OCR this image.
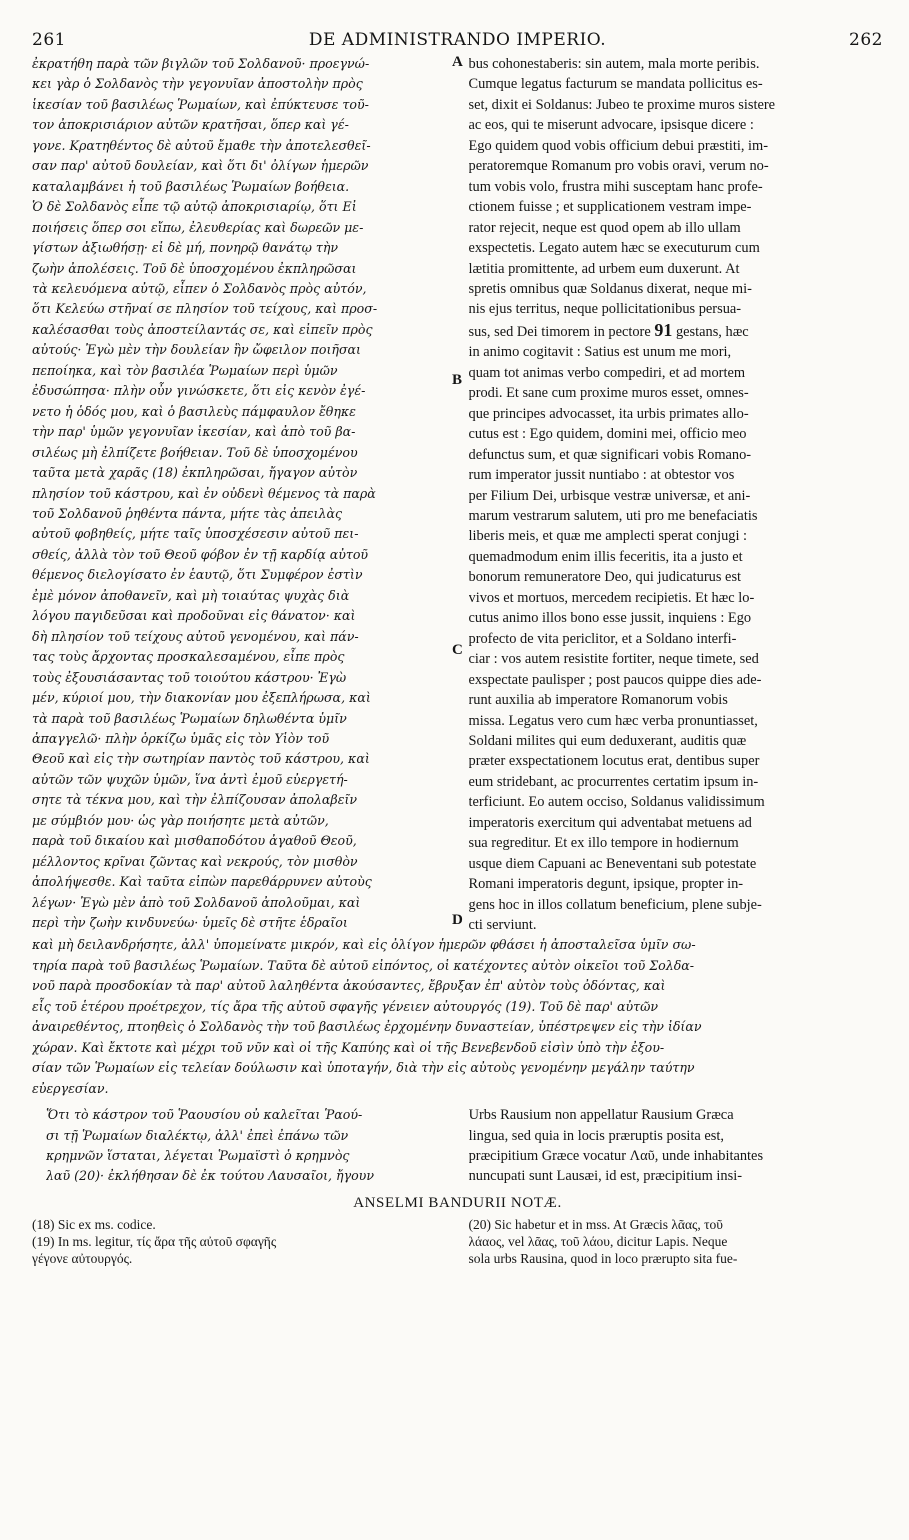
261	DE ADMINISTRANDO IMPERIO.	262
ἐκρατήθη παρὰ τῶν βιγλῶν τοῦ Σολδανοῦ· προεγνώ-
κει γὰρ ὁ Σολδανὸς τὴν γεγονυῖαν ἀποστολὴν πρὸς
ἱκεσίαν τοῦ βασιλέως Ῥωμαίων, καὶ ἐπύκτευσε τοῦ-
τον ἀποκρισιάριον αὐτῶν κρατῆσαι, ὅπερ καὶ γέ-
γονε. Κρατηθέντος δὲ αὐτοῦ ἔμαθε τὴν ἀποτελεσθεῖ-
σαν παρ' αὐτοῦ δουλείαν, καὶ ὅτι δι' ὀλίγων ἡμερῶν
καταλαμβάνει ἡ τοῦ βασιλέως Ῥωμαίων βοήθεια.
Ὁ δὲ Σολδανὸς εἶπε τῷ αὐτῷ ἀποκρισιαρίῳ, ὅτι Εἰ
ποιήσεις ὅπερ σοι εἴπω, ἐλευθερίας καὶ δωρεῶν με-
γίστων ἀξιωθήσῃ· εἰ δὲ μή, πονηρῷ θανάτῳ τὴν
ζωὴν ἀπολέσεις. Τοῦ δὲ ὑποσχομένου ἐκπληρῶσαι
τὰ κελευόμενα αὐτῷ, εἶπεν ὁ Σολδανὸς πρὸς αὐτόν,
ὅτι Κελεύω στῆναί σε πλησίον τοῦ τείχους, καὶ προσ-
καλέσασθαι τοὺς ἀποστείλαντάς σε, καὶ εἰπεῖν πρὸς
αὐτούς· Ἐγὼ μὲν τὴν δουλείαν ἣν ὤφειλον ποιῆσαι
πεποίηκα, καὶ τὸν βασιλέα Ῥωμαίων περὶ ὑμῶν
ἐδυσώπησα· πλὴν οὖν γινώσκετε, ὅτι εἰς κενὸν ἐγέ-
νετο ἡ ὁδός μου, καὶ ὁ βασιλεὺς πάμφαυλον ἔθηκε
τὴν παρ' ὑμῶν γεγονυῖαν ἱκεσίαν, καὶ ἀπὸ τοῦ βα-
σιλέως μὴ ἐλπίζετε βοήθειαν. Τοῦ δὲ ὑποσχομένου
ταῦτα μετὰ χαρᾶς (18) ἐκπληρῶσαι, ἤγαγον αὐτὸν
πλησίον τοῦ κάστρου, καὶ ἐν οὐδενὶ θέμενος τὰ παρὰ
τοῦ Σολδανοῦ ῥηθέντα πάντα, μήτε τὰς ἀπειλὰς
αὐτοῦ φοβηθείς, μήτε ταῖς ὑποσχέσεσιν αὐτοῦ πει-
σθείς, ἀλλὰ τὸν τοῦ Θεοῦ φόβον ἐν τῇ καρδίᾳ αὐτοῦ
θέμενος διελογίσατο ἐν ἑαυτῷ, ὅτι Συμφέρον ἐστὶν
ἐμὲ μόνον ἀποθανεῖν, καὶ μὴ τοιαύτας ψυχὰς διὰ
λόγου παγιδεῦσαι καὶ προδοῦναι εἰς θάνατον· καὶ
δὴ πλησίον τοῦ τείχους αὐτοῦ γενομένου, καὶ πάν-
τας τοὺς ἄρχοντας προσκαλεσαμένου, εἶπε πρὸς
τοὺς ἐξουσιάσαντας τοῦ τοιούτου κάστρου· Ἐγὼ
μέν, κύριοί μου, τὴν διακονίαν μου ἐξεπλήρωσα, καὶ
τὰ παρὰ τοῦ βασιλέως Ῥωμαίων δηλωθέντα ὑμῖν
ἀπαγγελῶ· πλὴν ὁρκίζω ὑμᾶς εἰς τὸν Υἱὸν τοῦ
Θεοῦ καὶ εἰς τὴν σωτηρίαν παντὸς τοῦ κάστρου, καὶ
αὐτῶν τῶν ψυχῶν ὑμῶν, ἵνα ἀντὶ ἐμοῦ εὐεργετή-
σητε τὰ τέκνα μου, καὶ τὴν ἐλπίζουσαν ἀπολαβεῖν
με σύμβιόν μου· ὡς γὰρ ποιήσητε μετὰ αὐτῶν,
παρὰ τοῦ δικαίου καὶ μισθαποδότου ἀγαθοῦ Θεοῦ,
μέλλοντος κρῖναι ζῶντας καὶ νεκρούς, τὸν μισθὸν
ἀπολήψεσθε. Καὶ ταῦτα εἰπὼν παρεθάρρυνεν αὐτοὺς
λέγων· Ἐγὼ μὲν ἀπὸ τοῦ Σολδανοῦ ἀπολοῦμαι, καὶ
περὶ τὴν ζωὴν κινδυνεύω· ὑμεῖς δὲ στῆτε ἑδραῖοι
bus cohonestaberis: sin autem, mala morte peribis.
Cumque legatus facturum se mandata pollicitus es-
set, dixit ei Soldanus: Jubeo te proxime muros sistere
ac eos, qui te miserunt advocare, ipsisque dicere :
Ego quidem quod vobis officium debui præstiti, im-
peratoremque Romanum pro vobis oravi, verum no-
tum vobis volo, frustra mihi susceptam hanc profe-
ctionem fuisse ; et supplicationem vestram impe-
rator rejecit, neque est quod opem ab illo ullam
exspectetis. Legato autem hæc se executurum cum
lætitia promittente, ad urbem eum duxerunt. At
spretis omnibus quæ Soldanus dixerat, neque mi-
nis ejus territus, neque pollicitationibus persua-
sus, sed Dei timorem in pectore 91 gestans, hæc
in animo cogitavit : Satius est unum me mori,
quam tot animas verbo compediri, et ad mortem
prodi. Et sane cum proxime muros esset, omnes-
que principes advocasset, ita urbis primates allo-
cutus est : Ego quidem, domini mei, officio meo
defunctus sum, et quæ significari vobis Romano-
rum imperator jussit nuntiabo : at obtestor vos
per Filium Dei, urbisque vestræ universæ, et ani-
marum vestrarum salutem, uti pro me benefaciatis
liberis meis, et quæ me amplecti sperat conjugi :
quemadmodum enim illis feceritis, ita a justo et
bonorum remuneratore Deo, qui judicaturus est
vivos et mortuos, mercedem recipietis. Et hæc lo-
cutus animo illos bono esse jussit, inquiens : Ego
profecto de vita periclitor, et a Soldano interfi-
ciar : vos autem resistite fortiter, neque timete, sed
exspectate paulisper ; post paucos quippe dies ade-
runt auxilia ab imperatore Romanorum vobis
missa. Legatus vero cum hæc verba pronuntiasset,
Soldani milites qui eum deduxerant, auditis quæ
præter exspectationem locutus erat, dentibus super
eum stridebant, ac procurrentes certatim ipsum in-
terficiunt. Eo autem occiso, Soldanus validissimum
imperatoris exercitum qui adventabat metuens ad
sua regreditur. Et ex illo tempore in hodiernum
usque diem Capuani ac Beneventani sub potestate
Romani imperatoris degunt, ipsique, propter in-
gens hoc in illos collatum beneficium, plene subje-
cti serviunt.
A
B
C
D
καὶ μὴ δειλανδρήσητε, ἀλλ' ὑπομείνατε μικρόν, καὶ εἰς ὀλίγον ἡμερῶν φθάσει ἡ ἀποσταλεῖσα ὑμῖν σω-
τηρία παρὰ τοῦ βασιλέως Ῥωμαίων. Ταῦτα δὲ αὐτοῦ εἰπόντος, οἱ κατέχοντες αὐτὸν οἰκεῖοι τοῦ Σολδα-
νοῦ παρὰ προσδοκίαν τὰ παρ' αὐτοῦ λαληθέντα ἀκούσαντες, ἔβρυξαν ἐπ' αὐτὸν τοὺς ὀδόντας, καὶ
εἷς τοῦ ἑτέρου προέτρεχον, τίς ἄρα τῆς αὐτοῦ σφαγῆς γένειεν αὐτουργός (19). Τοῦ δὲ παρ' αὐτῶν
ἀναιρεθέντος, πτοηθεὶς ὁ Σολδανὸς τὴν τοῦ βασιλέως ἐρχομένην δυναστείαν, ὑπέστρεψεν εἰς τὴν ἰδίαν
χώραν. Καὶ ἔκτοτε καὶ μέχρι τοῦ νῦν καὶ οἱ τῆς Καπύης καὶ οἱ τῆς Βενεβενδοῦ εἰσὶν ὑπὸ τὴν ἐξου-
σίαν τῶν Ῥωμαίων εἰς τελείαν δούλωσιν καὶ ὑποταγήν, διὰ τὴν εἰς αὐτοὺς γενομένην μεγάλην ταύτην
εὐεργεσίαν.
Ὅτι τὸ κάστρον τοῦ Ῥαουσίου οὐ καλεῖται Ῥαού-
σι τῇ Ῥωμαίων διαλέκτῳ, ἀλλ' ἐπεὶ ἐπάνω τῶν
κρημνῶν ἵσταται, λέγεται Ῥωμαϊστὶ ὁ κρημνὸς
λαῦ (20)· ἐκλήθησαν δὲ ἐκ τούτου Λαυσαῖοι, ἤγουν
Urbs Rausium non appellatur Rausium Græca
lingua, sed quia in locis præruptis posita est,
præcipitium Græce vocatur Λαῦ, unde inhabitantes
nuncupati sunt Lausæi, id est, præcipitium insi-
ANSELMI BANDURII NOTÆ.
(18) Sic ex ms. codice.
(19) In ms. legitur, τίς ἄρα τῆς αὐτοῦ σφαγῆς
γέγονε αὐτουργός.
(20) Sic habetur et in mss. At Græcis λᾶας, τοῦ
λάαος, vel λᾶας, τοῦ λάου, dicitur Lapis. Neque
sola urbs Rausina, quod in loco prærupto sita fue-
